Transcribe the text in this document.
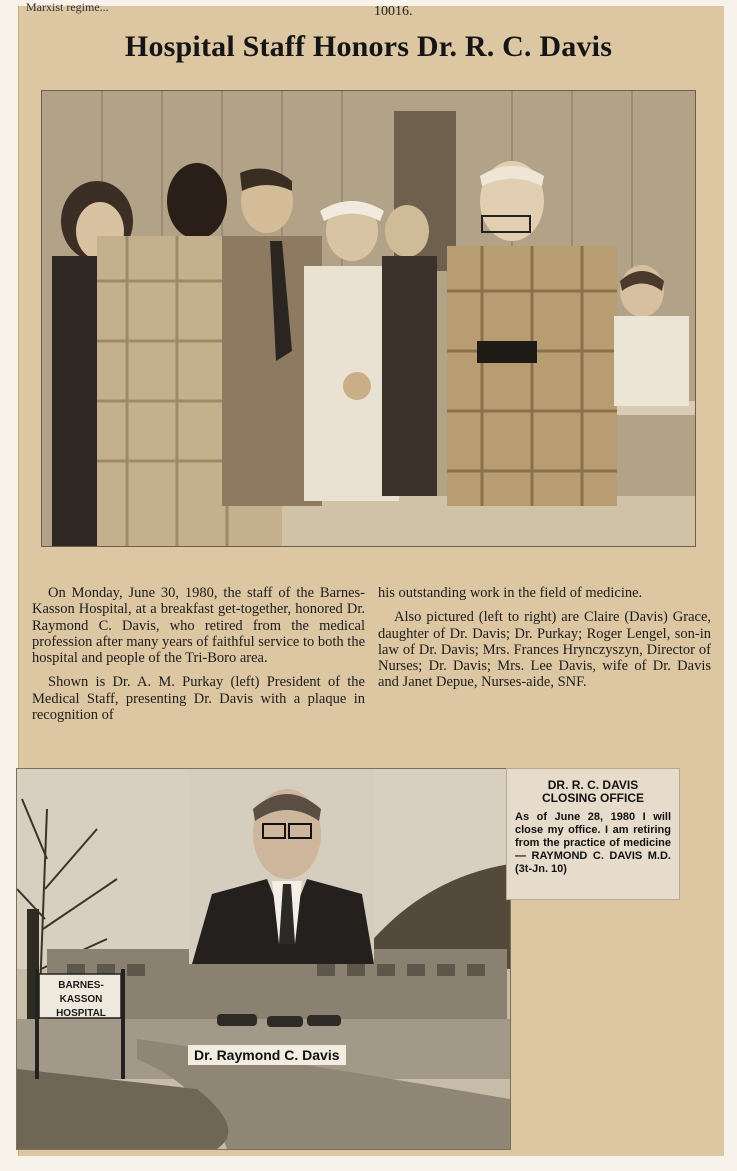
Marxist regime...	10016.
Hospital Staff Honors Dr. R. C. Davis

On Monday, June 30, 1980, the staff of the Barnes-Kasson Hospital, at a breakfast get-together, honored Dr. Raymond C. Davis, who retired from the medical profession after many years of faithful service to both the hospital and people of the Tri-Boro area.

Shown is Dr. A. M. Purkay (left) President of the Medical Staff, presenting Dr. Davis with a plaque in recognition of

his outstanding work in the field of medicine.

Also pictured (left to right) are Claire (Davis) Grace, daughter of Dr. Davis; Dr. Purkay; Roger Lengel, son-in law of Dr. Davis; Mrs. Frances Hrynczyszyn, Director of Nurses; Dr. Davis; Mrs. Lee Davis, wife of Dr. Davis and Janet Depue, Nurses-aide, SNF.

BARNES-KASSON HOSPITAL
Dr. Raymond C. Davis
DR. R. C. DAVIS
CLOSING OFFICE
As of June 28, 1980 I will close my office. I am retiring from the practice of medicine — RAYMOND C. DAVIS M.D. (3t-Jn. 10)
